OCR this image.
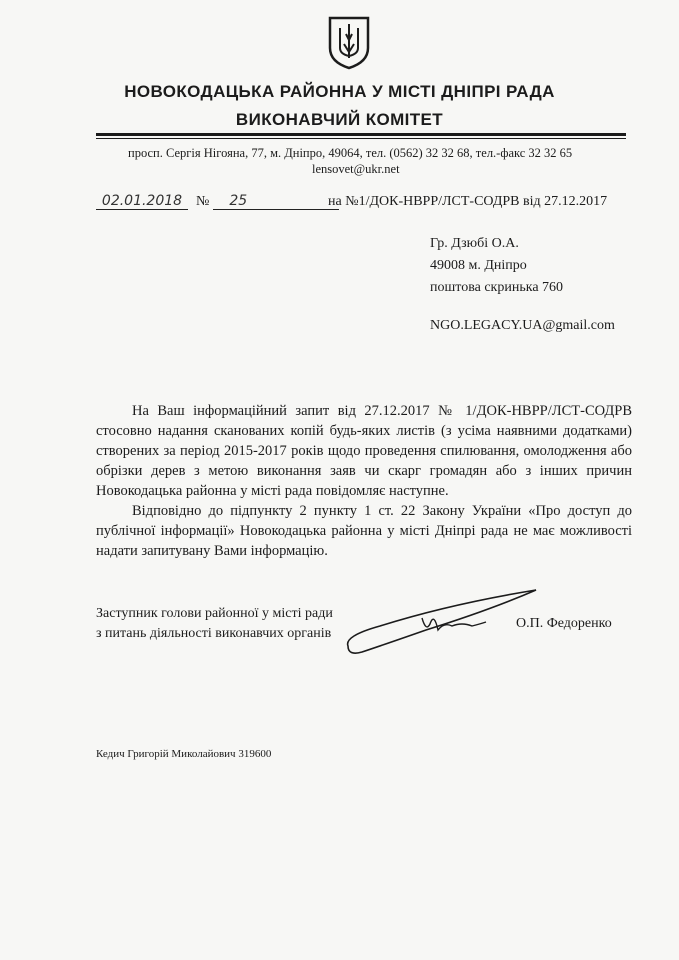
НОВОКОДАЦЬКА РАЙОННА У МІСТІ ДНІПРІ РАДА
ВИКОНАВЧИЙ КОМІТЕТ
просп. Сергія Нігояна, 77, м. Дніпро, 49064, тел. (0562) 32 32 68, тел.-факс 32 32 65
lensovet@ukr.net
02.01.2018 № 25	на №1/ДОК-НВРР/ЛСТ-СОДРВ від 27.12.2017
Гр. Дзюбі О.А.
49008 м. Дніпро
поштова скринька 760
NGO.LEGACY.UA@gmail.com

На Ваш інформаційний запит від 27.12.2017 № 1/ДОК-НВРР/ЛСТ-СОДРВ стосовно надання сканованих копій будь-яких листів (з усіма наявними додатками) створених за період 2015-2017 років щодо проведення спилювання, омолодження або обрізки дерев з метою виконання заяв чи скарг громадян або з інших причин Новокодацька районна у місті рада повідомляє наступне.

Відповідно до підпункту 2 пункту 1 ст. 22 Закону України «Про доступ до публічної інформації» Новокодацька районна у місті Дніпрі рада не має можливості надати запитувану Вами інформацію.

Заступник голови районної у місті ради
з питань діяльності виконавчих органів
О.П. Федоренко
Кедич Григорій Миколайович 319600
